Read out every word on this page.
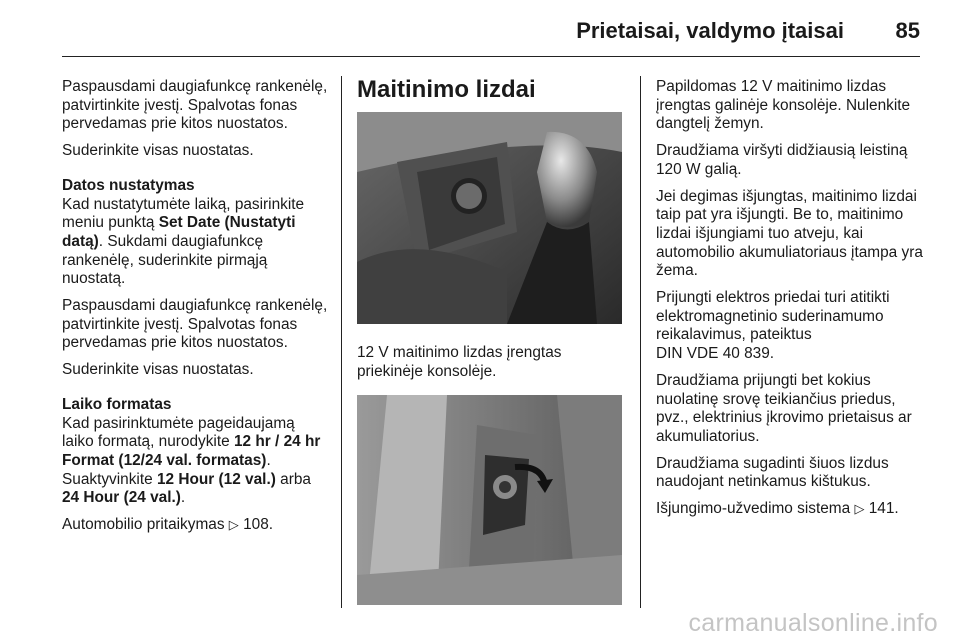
Prietaisai, valdymo įtaisai 85

Paspausdami daugiafunkcę rankenėlę, patvirtinkite įvestį. Spalvotas fonas pervedamas prie kitos nuostatos.

Suderinkite visas nuostatas.

Datos nustatymas

Kad nustatytumėte laiką, pasirinkite meniu punktą Set Date (Nustatyti datą). Sukdami daugiafunkcę rankenėlę, suderinkite pirmąją nuostatą.

Paspausdami daugiafunkcę rankenėlę, patvirtinkite įvestį. Spalvotas fonas pervedamas prie kitos nuostatos.

Suderinkite visas nuostatas.

Laiko formatas

Kad pasirinktumėte pageidaujamą laiko formatą, nurodykite 12 hr / 24 hr Format (12/24 val. formatas).
Suaktyvinkite 12 Hour (12 val.) arba 24 Hour (24 val.).

Automobilio pritaikymas ▷ 108.

Maitinimo lizdai

12 V maitinimo lizdas įrengtas priekinėje konsolėje.

Papildomas 12 V maitinimo lizdas įrengtas galinėje konsolėje. Nulenkite dangtelį žemyn.

Draudžiama viršyti didžiausią leistiną 120 W galią.

Jei degimas išjungtas, maitinimo lizdai taip pat yra išjungti. Be to, maitinimo lizdai išjungiami tuo atveju, kai automobilio akumuliatoriaus įtampa yra žema.

Prijungti elektros priedai turi atitikti elektromagnetinio suderinamumo reikalavimus, pateiktus
DIN VDE 40 839.

Draudžiama prijungti bet kokius nuolatinę srovę teikiančius priedus, pvz., elektrinius įkrovimo prietaisus ar akumuliatorius.

Draudžiama sugadinti šiuos lizdus naudojant netinkamus kištukus.

Išjungimo-užvedimo sistema ▷ 141.

carmanualsonline.info
